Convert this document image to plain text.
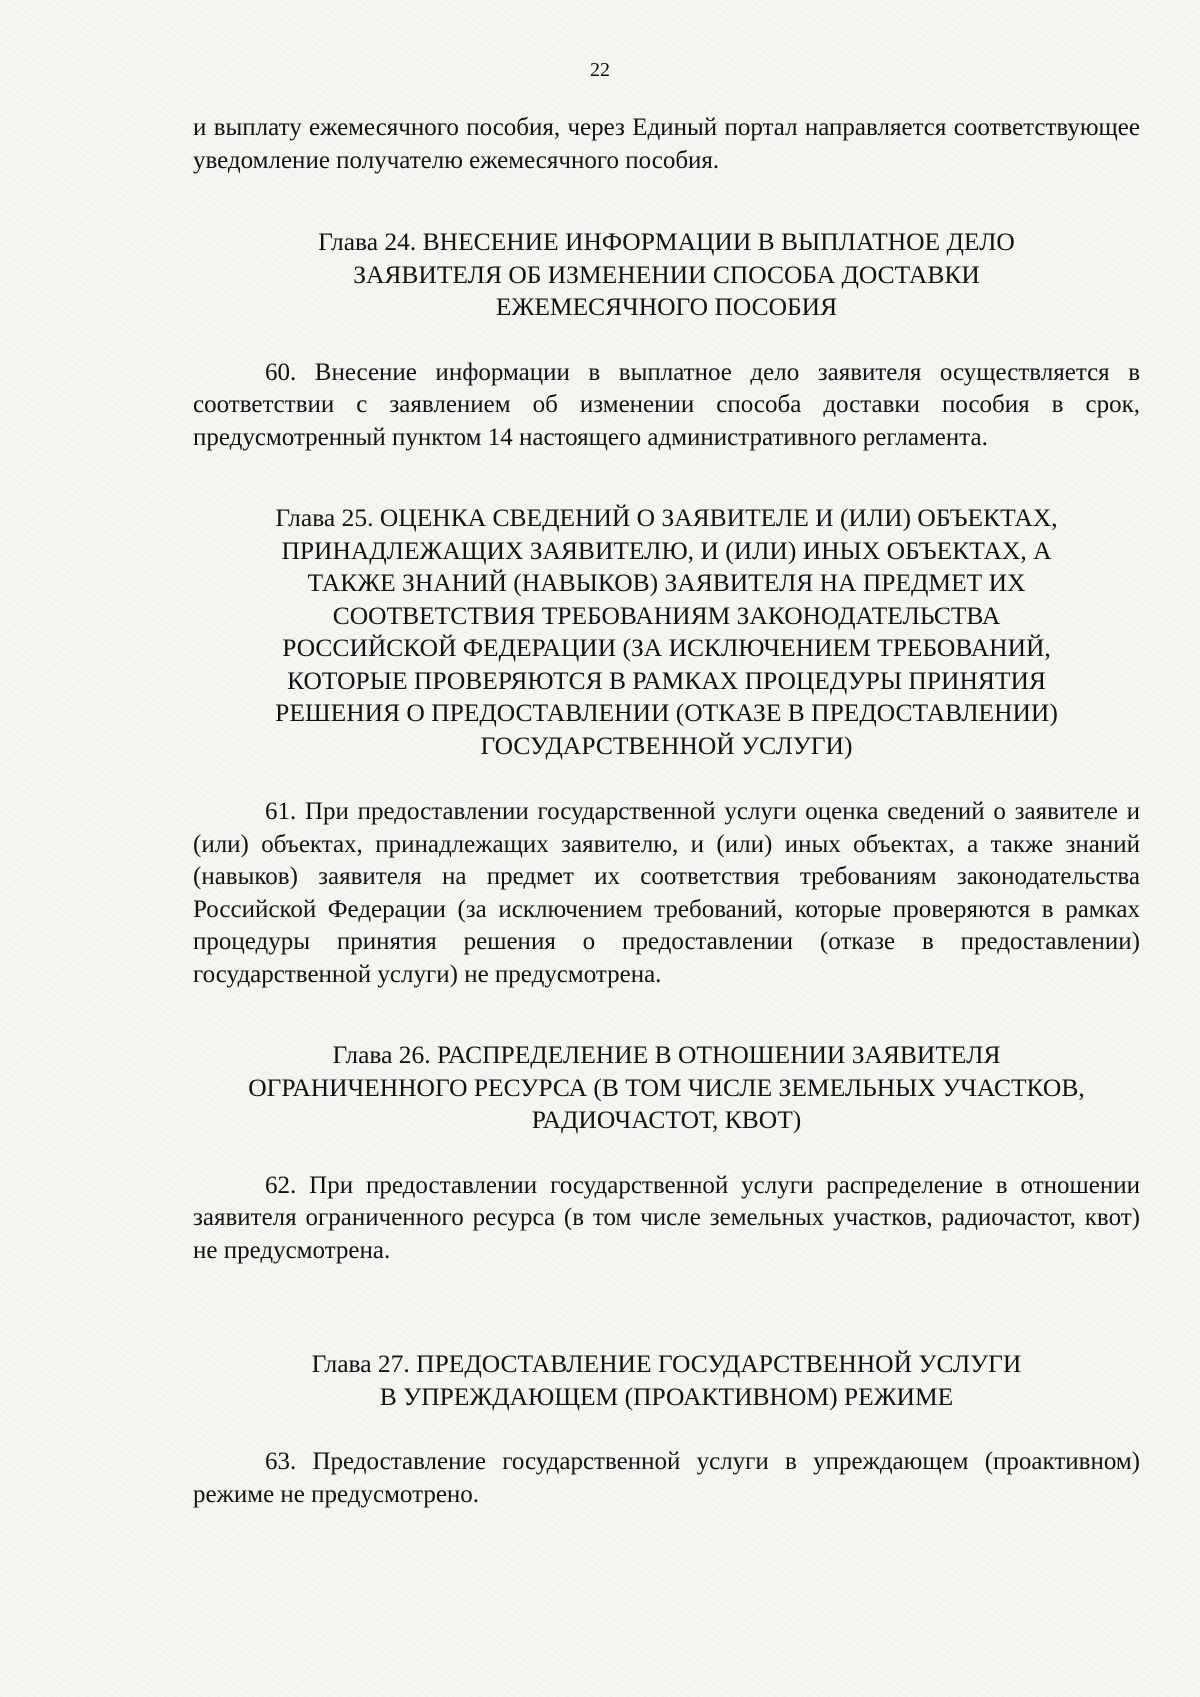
22

и выплату ежемесячного пособия, через Единый портал направляется соответствующее уведомление получателю ежемесячного пособия.

Глава 24. ВНЕСЕНИЕ ИНФОРМАЦИИ В ВЫПЛАТНОЕ ДЕЛО
ЗАЯВИТЕЛЯ ОБ ИЗМЕНЕНИИ СПОСОБА ДОСТАВКИ
ЕЖЕМЕСЯЧНОГО ПОСОБИЯ

60. Внесение информации в выплатное дело заявителя осуществляется в соответствии с заявлением об изменении способа доставки пособия в срок, предусмотренный пунктом 14 настоящего административного регламента.

Глава 25. ОЦЕНКА СВЕДЕНИЙ О ЗАЯВИТЕЛЕ И (ИЛИ) ОБЪЕКТАХ,
ПРИНАДЛЕЖАЩИХ ЗАЯВИТЕЛЮ, И (ИЛИ) ИНЫХ ОБЪЕКТАХ, А
ТАКЖЕ ЗНАНИЙ (НАВЫКОВ) ЗАЯВИТЕЛЯ НА ПРЕДМЕТ ИХ
СООТВЕТСТВИЯ ТРЕБОВАНИЯМ ЗАКОНОДАТЕЛЬСТВА
РОССИЙСКОЙ ФЕДЕРАЦИИ (ЗА ИСКЛЮЧЕНИЕМ ТРЕБОВАНИЙ,
КОТОРЫЕ ПРОВЕРЯЮТСЯ В РАМКАХ ПРОЦЕДУРЫ ПРИНЯТИЯ
РЕШЕНИЯ О ПРЕДОСТАВЛЕНИИ (ОТКАЗЕ В ПРЕДОСТАВЛЕНИИ)
ГОСУДАРСТВЕННОЙ УСЛУГИ)

61. При предоставлении государственной услуги оценка сведений о заявителе и (или) объектах, принадлежащих заявителю, и (или) иных объектах, а также знаний (навыков) заявителя на предмет их соответствия требованиям законодательства Российской Федерации (за исключением требований, которые проверяются в рамках процедуры принятия решения о предоставлении (отказе в предоставлении) государственной услуги) не предусмотрена.

Глава 26. РАСПРЕДЕЛЕНИЕ В ОТНОШЕНИИ ЗАЯВИТЕЛЯ
ОГРАНИЧЕННОГО РЕСУРСА (В ТОМ ЧИСЛЕ ЗЕМЕЛЬНЫХ УЧАСТКОВ,
РАДИОЧАСТОТ, КВОТ)

62. При предоставлении государственной услуги распределение в отношении заявителя ограниченного ресурса (в том числе земельных участков, радиочастот, квот) не предусмотрена.

Глава 27. ПРЕДОСТАВЛЕНИЕ ГОСУДАРСТВЕННОЙ УСЛУГИ
В УПРЕЖДАЮЩЕМ (ПРОАКТИВНОМ) РЕЖИМЕ

63. Предоставление государственной услуги в упреждающем (проактивном) режиме не предусмотрено.
